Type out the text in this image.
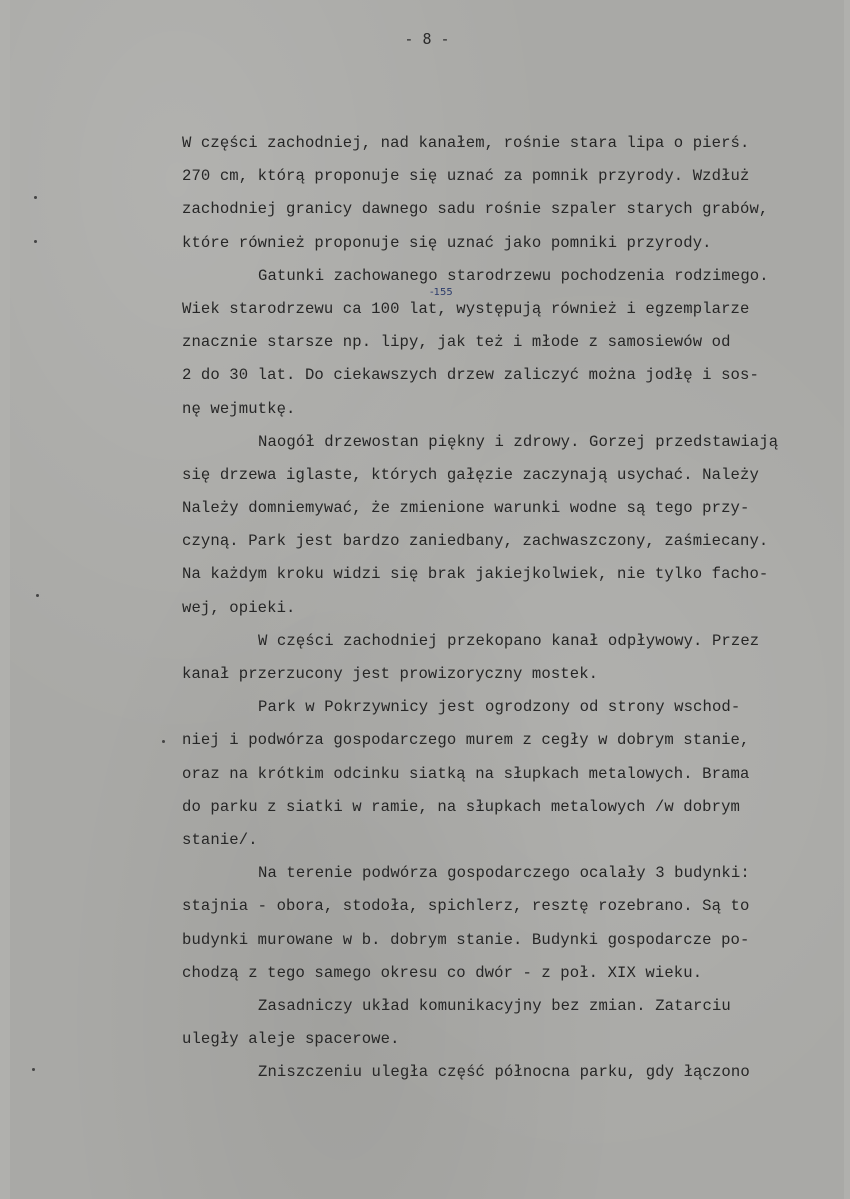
- 8 -
-155
W części zachodniej, nad kanałem, rośnie stara lipa o pierś.
270 cm, którą proponuje się uznać za pomnik przyrody. Wzdłuż
zachodniej granicy dawnego sadu rośnie szpaler starych grabów,
które również proponuje się uznać jako pomniki przyrody.
Gatunki zachowanego starodrzewu pochodzenia rodzimego.
Wiek starodrzewu ca 100 lat, występują również i egzemplarze
znacznie starsze np. lipy, jak też i młode z samosiewów od
2 do 30 lat. Do ciekawszych drzew zaliczyć można jodłę i sos-
nę wejmutkę.
Naogół drzewostan piękny i zdrowy. Gorzej przedstawiają
się drzewa iglaste, których gałęzie zaczynają usychać. Należy
Należy domniemywać, że zmienione warunki wodne są tego przy-
czyną. Park jest bardzo zaniedbany, zachwaszczony, zaśmiecany.
Na każdym kroku widzi się brak jakiejkolwiek, nie tylko facho-
wej, opieki.
W części zachodniej przekopano kanał odpływowy. Przez
kanał przerzucony jest prowizoryczny mostek.
Park w Pokrzywnicy jest ogrodzony od strony wschod-
niej i podwórza gospodarczego murem z cegły w dobrym stanie,
oraz na krótkim odcinku siatką na słupkach metalowych. Brama
do parku z siatki w ramie, na słupkach metalowych /w dobrym
stanie/.
Na terenie podwórza gospodarczego ocalały 3 budynki:
stajnia - obora, stodoła, spichlerz, resztę rozebrano. Są to
budynki murowane w b. dobrym stanie. Budynki gospodarcze po-
chodzą z tego samego okresu co dwór - z poł. XIX wieku.
Zasadniczy układ komunikacyjny bez zmian. Zatarciu
uległy aleje spacerowe.
Zniszczeniu uległa część północna parku, gdy łączono
